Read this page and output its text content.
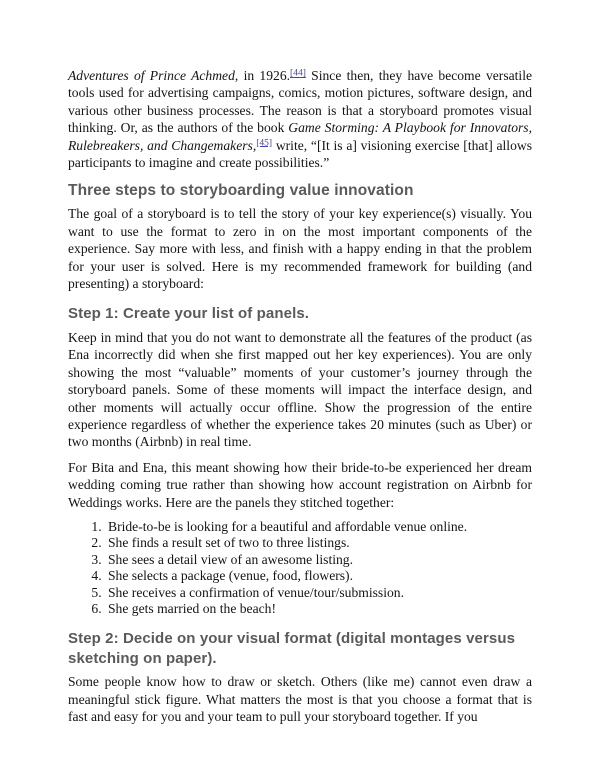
Adventures of Prince Achmed, in 1926.[44] Since then, they have become versatile tools used for advertising campaigns, comics, motion pictures, software design, and various other business processes. The reason is that a storyboard promotes visual thinking. Or, as the authors of the book Game Storming: A Playbook for Innovators, Rulebreakers, and Changemakers,[45] write, “[It is a] visioning exercise [that] allows participants to imagine and create possibilities.”

Three steps to storyboarding value innovation

The goal of a storyboard is to tell the story of your key experience(s) visually. You want to use the format to zero in on the most important components of the experience. Say more with less, and finish with a happy ending in that the problem for your user is solved. Here is my recommended framework for building (and presenting) a storyboard:

Step 1: Create your list of panels.

Keep in mind that you do not want to demonstrate all the features of the product (as Ena incorrectly did when she first mapped out her key experiences). You are only showing the most “valuable” moments of your customer’s journey through the storyboard panels. Some of these moments will impact the interface design, and other moments will actually occur offline. Show the progression of the entire experience regardless of whether the experience takes 20 minutes (such as Uber) or two months (Airbnb) in real time.

For Bita and Ena, this meant showing how their bride-to-be experienced her dream wedding coming true rather than showing how account registration on Airbnb for Weddings works. Here are the panels they stitched together:

1. Bride-to-be is looking for a beautiful and affordable venue online.
2. She finds a result set of two to three listings.
3. She sees a detail view of an awesome listing.
4. She selects a package (venue, food, flowers).
5. She receives a confirmation of venue/tour/submission.
6. She gets married on the beach!
Step 2: Decide on your visual format (digital montages versus sketching on paper).

Some people know how to draw or sketch. Others (like me) cannot even draw a meaningful stick figure. What matters the most is that you choose a format that is fast and easy for you and your team to pull your storyboard together. If you
